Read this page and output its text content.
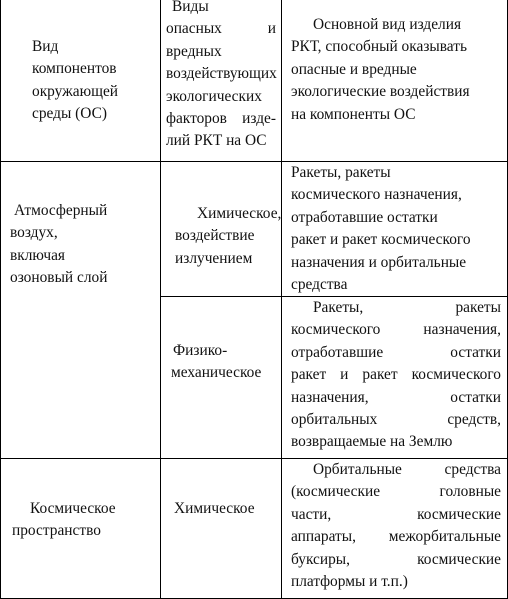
Вид
компонентов
окружающей
среды (ОС)
Виды
опасных и
вредных
воздействующих
экологических
факторов изде-
лий РКТ на ОС
Основной вид изделия
РКТ, способный оказывать
опасные и вредные
экологические воздействия
на компоненты ОС
Атмосферный
воздух,
включая
озоновый слой
Химическое,
воздействие
излучением
Ракеты, ракеты
космического назначения,
отработавшие остатки
ракет и ракет космического
назначения и орбитальные
средства
Физико-
механическое
Ракеты, ракеты
космического назначения,
отработавшие остатки
ракет и ракет космического
назначения, остатки
орбитальных средств,
возвращаемые на Землю
Космическое
пространство
Химическое
Орбитальные средства
(космические головные
части, космические
аппараты, межорбитальные
буксиры, космические
платформы и т.п.)
